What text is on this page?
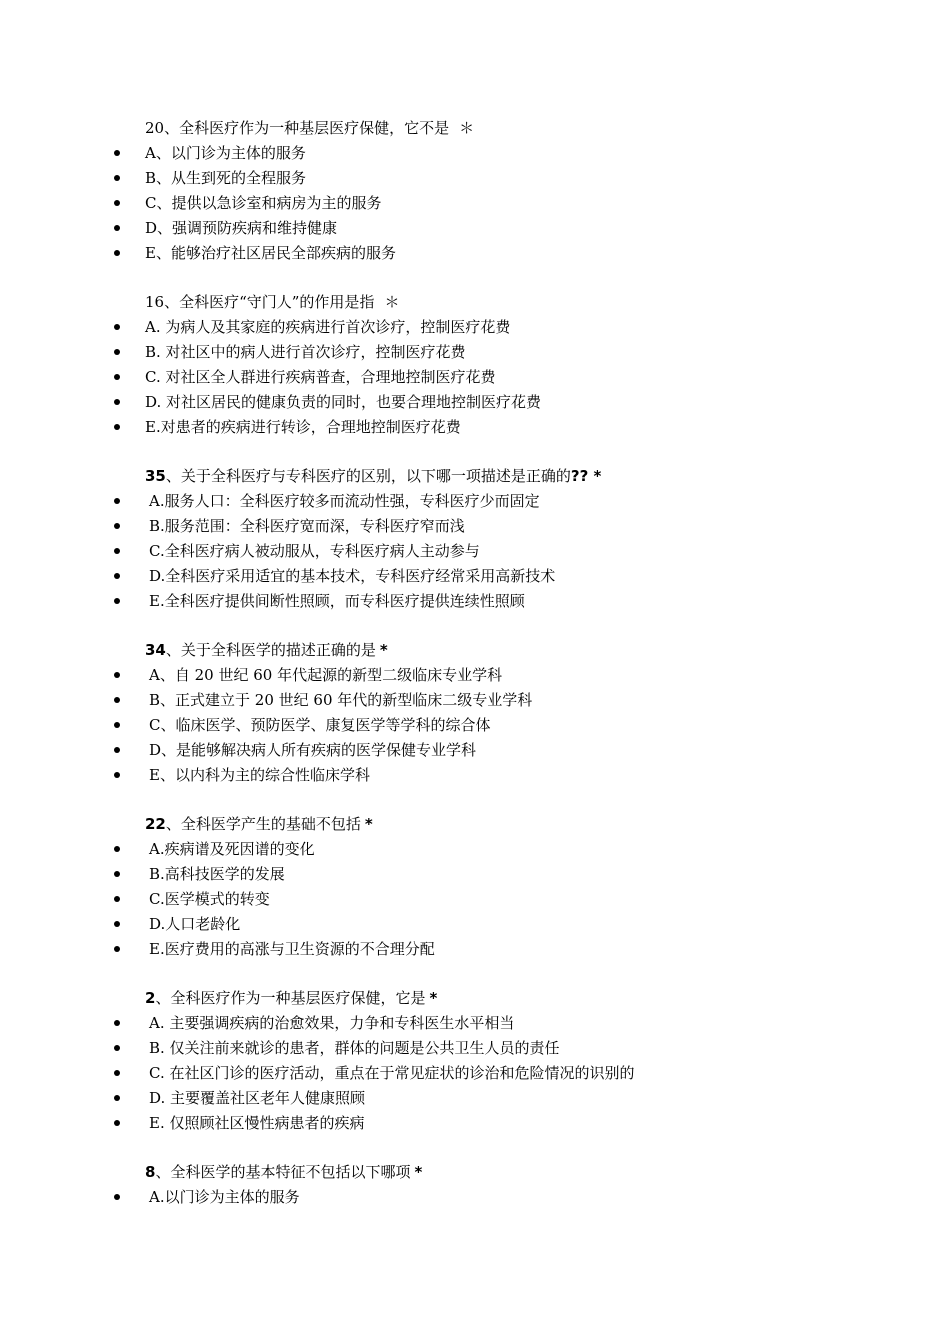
20、全科医疗作为一种基层医疗保健，它不是 ＊
A、以门诊为主体的服务
B、从生到死的全程服务
C、提供以急诊室和病房为主的服务
D、强调预防疾病和维持健康
E、能够治疗社区居民全部疾病的服务
16、全科医疗“守门人”的作用是指 ＊
A. 为病人及其家庭的疾病进行首次诊疗，控制医疗花费
B. 对社区中的病人进行首次诊疗，控制医疗花费
C. 对社区全人群进行疾病普查，合理地控制医疗花费
D. 对社区居民的健康负责的同时，也要合理地控制医疗花费
E.对患者的疾病进行转诊，合理地控制医疗花费
35、关于全科医疗与专科医疗的区别，以下哪一项描述是正确的?? *
A.服务人口：全科医疗较多而流动性强，专科医疗少而固定
B.服务范围：全科医疗宽而深，专科医疗窄而浅
C.全科医疗病人被动服从，专科医疗病人主动参与
D.全科医疗采用适宜的基本技术，专科医疗经常采用高新技术
E.全科医疗提供间断性照顾，而专科医疗提供连续性照顾
34、关于全科医学的描述正确的是 *
A、自 20 世纪 60 年代起源的新型二级临床专业学科
B、正式建立于 20 世纪 60 年代的新型临床二级专业学科
C、临床医学、预防医学、康复医学等学科的综合体
D、是能够解决病人所有疾病的医学保健专业学科
E、以内科为主的综合性临床学科
22、全科医学产生的基础不包括 *
A.疾病谱及死因谱的变化
B.高科技医学的发展
C.医学模式的转变
D.人口老龄化
E.医疗费用的高涨与卫生资源的不合理分配
2、全科医疗作为一种基层医疗保健，它是 *
A. 主要强调疾病的治愈效果，力争和专科医生水平相当
B. 仅关注前来就诊的患者，群体的问题是公共卫生人员的责任
C. 在社区门诊的医疗活动，重点在于常见症状的诊治和危险情况的识别的
D. 主要覆盖社区老年人健康照顾
E. 仅照顾社区慢性病患者的疾病
8、全科医学的基本特征不包括以下哪项 *
A.以门诊为主体的服务
